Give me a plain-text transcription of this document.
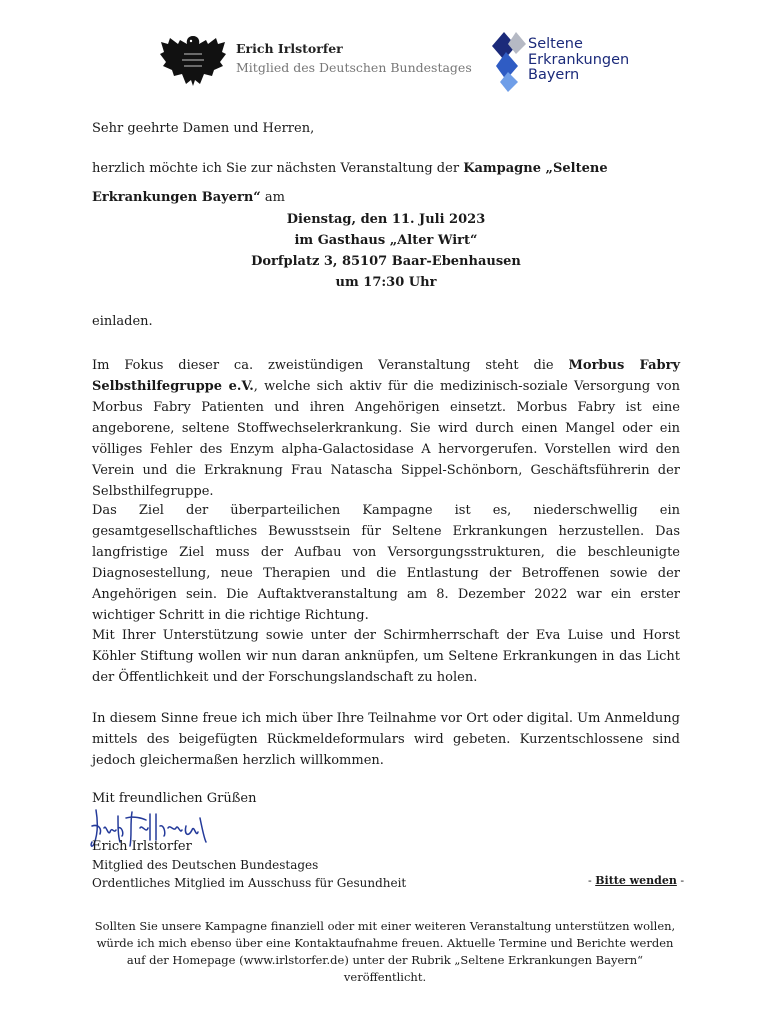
Erich Irlstorfer
Mitglied des Deutschen Bundestages
Seltene
Erkrankungen
Bayern
Sehr geehrte Damen und Herren,
herzlich möchte ich Sie zur nächsten Veranstaltung der Kampagne „Seltene Erkrankungen Bayern“ am
Dienstag, den 11. Juli 2023
im Gasthaus „Alter Wirt“
Dorfplatz 3, 85107 Baar-Ebenhausen
um 17:30 Uhr
einladen.
Im Fokus dieser ca. zweistündigen Veranstaltung steht die Morbus Fabry Selbsthilfegruppe e.V., welche sich aktiv für die medizinisch-soziale Versorgung von Morbus Fabry Patienten und ihren Angehörigen einsetzt. Morbus Fabry ist eine angeborene, seltene Stoffwechselerkrankung. Sie wird durch einen Mangel oder ein völliges Fehler des Enzym alpha-Galactosidase A hervorgerufen. Vorstellen wird den Verein und die Erkraknung Frau Natascha Sippel-Schönborn, Geschäftsführerin der Selbsthilfegruppe.
Das Ziel der überparteilichen Kampagne ist es, niederschwellig ein gesamtgesellschaftliches Bewusstsein für Seltene Erkrankungen herzustellen. Das langfristige Ziel muss der Aufbau von Versorgungsstrukturen, die beschleunigte Diagnosestellung, neue Therapien und die Entlastung der Betroffenen sowie der Angehörigen sein. Die Auftaktveranstaltung am 8. Dezember 2022 war ein erster wichtiger Schritt in die richtige Richtung.
Mit Ihrer Unterstützung sowie unter der Schirmherrschaft der Eva Luise und Horst Köhler Stiftung wollen wir nun daran anknüpfen, um Seltene Erkrankungen in das Licht der Öffentlichkeit und der Forschungslandschaft zu holen.
In diesem Sinne freue ich mich über Ihre Teilnahme vor Ort oder digital. Um Anmeldung mittels des beigefügten Rückmeldeformulars wird gebeten. Kurzentschlossene sind jedoch gleichermaßen herzlich willkommen.
Mit freundlichen Grüßen
Erich Irlstorfer
Mitglied des Deutschen Bundestages
Ordentliches Mitglied im Ausschuss für Gesundheit	- Bitte wenden -
Sollten Sie unsere Kampagne finanziell oder mit einer weiteren Veranstaltung unterstützen wollen, würde ich mich ebenso über eine Kontaktaufnahme freuen. Aktuelle Termine und Berichte werden auf der Homepage (www.irlstorfer.de) unter der Rubrik „Seltene Erkrankungen Bayern“ veröffentlicht.
